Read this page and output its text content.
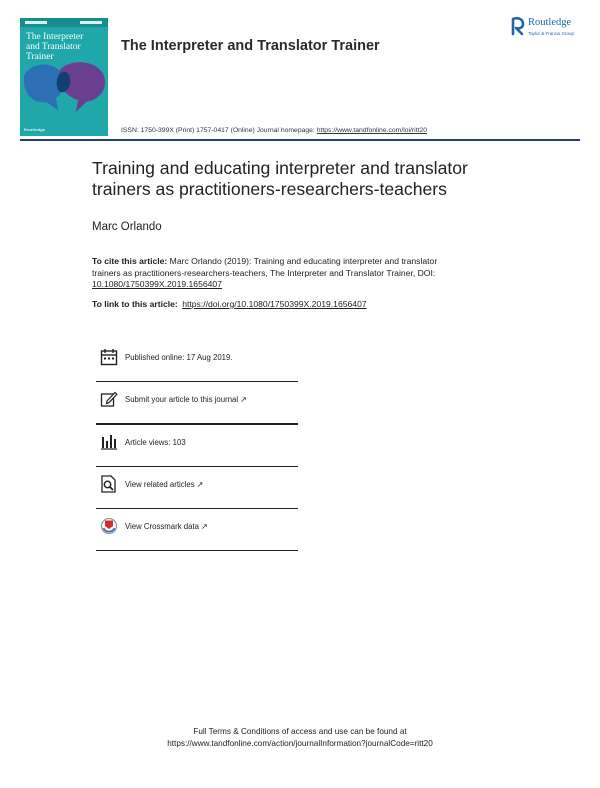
The Interpreter
and Translator
Trainer
Routledge
The Interpreter and Translator Trainer
Routledge
Taylor & Francis Group
ISSN: 1750-399X (Print) 1757-0417 (Online) Journal homepage: https://www.tandfonline.com/loi/ritt20
Training and educating interpreter and translator
trainers as practitioners-researchers-teachers
Marc Orlando
To cite this article: Marc Orlando (2019): Training and educating interpreter and translator
trainers as practitioners-researchers-teachers, The Interpreter and Translator Trainer, DOI:
10.1080/1750399X.2019.1656407
To link to this article: https://doi.org/10.1080/1750399X.2019.1656407
Published online: 17 Aug 2019.
Submit your article to this journal ↗
Article views: 103
View related articles ↗
View Crossmark data ↗
Full Terms & Conditions of access and use can be found at
https://www.tandfonline.com/action/journalInformation?journalCode=ritt20
